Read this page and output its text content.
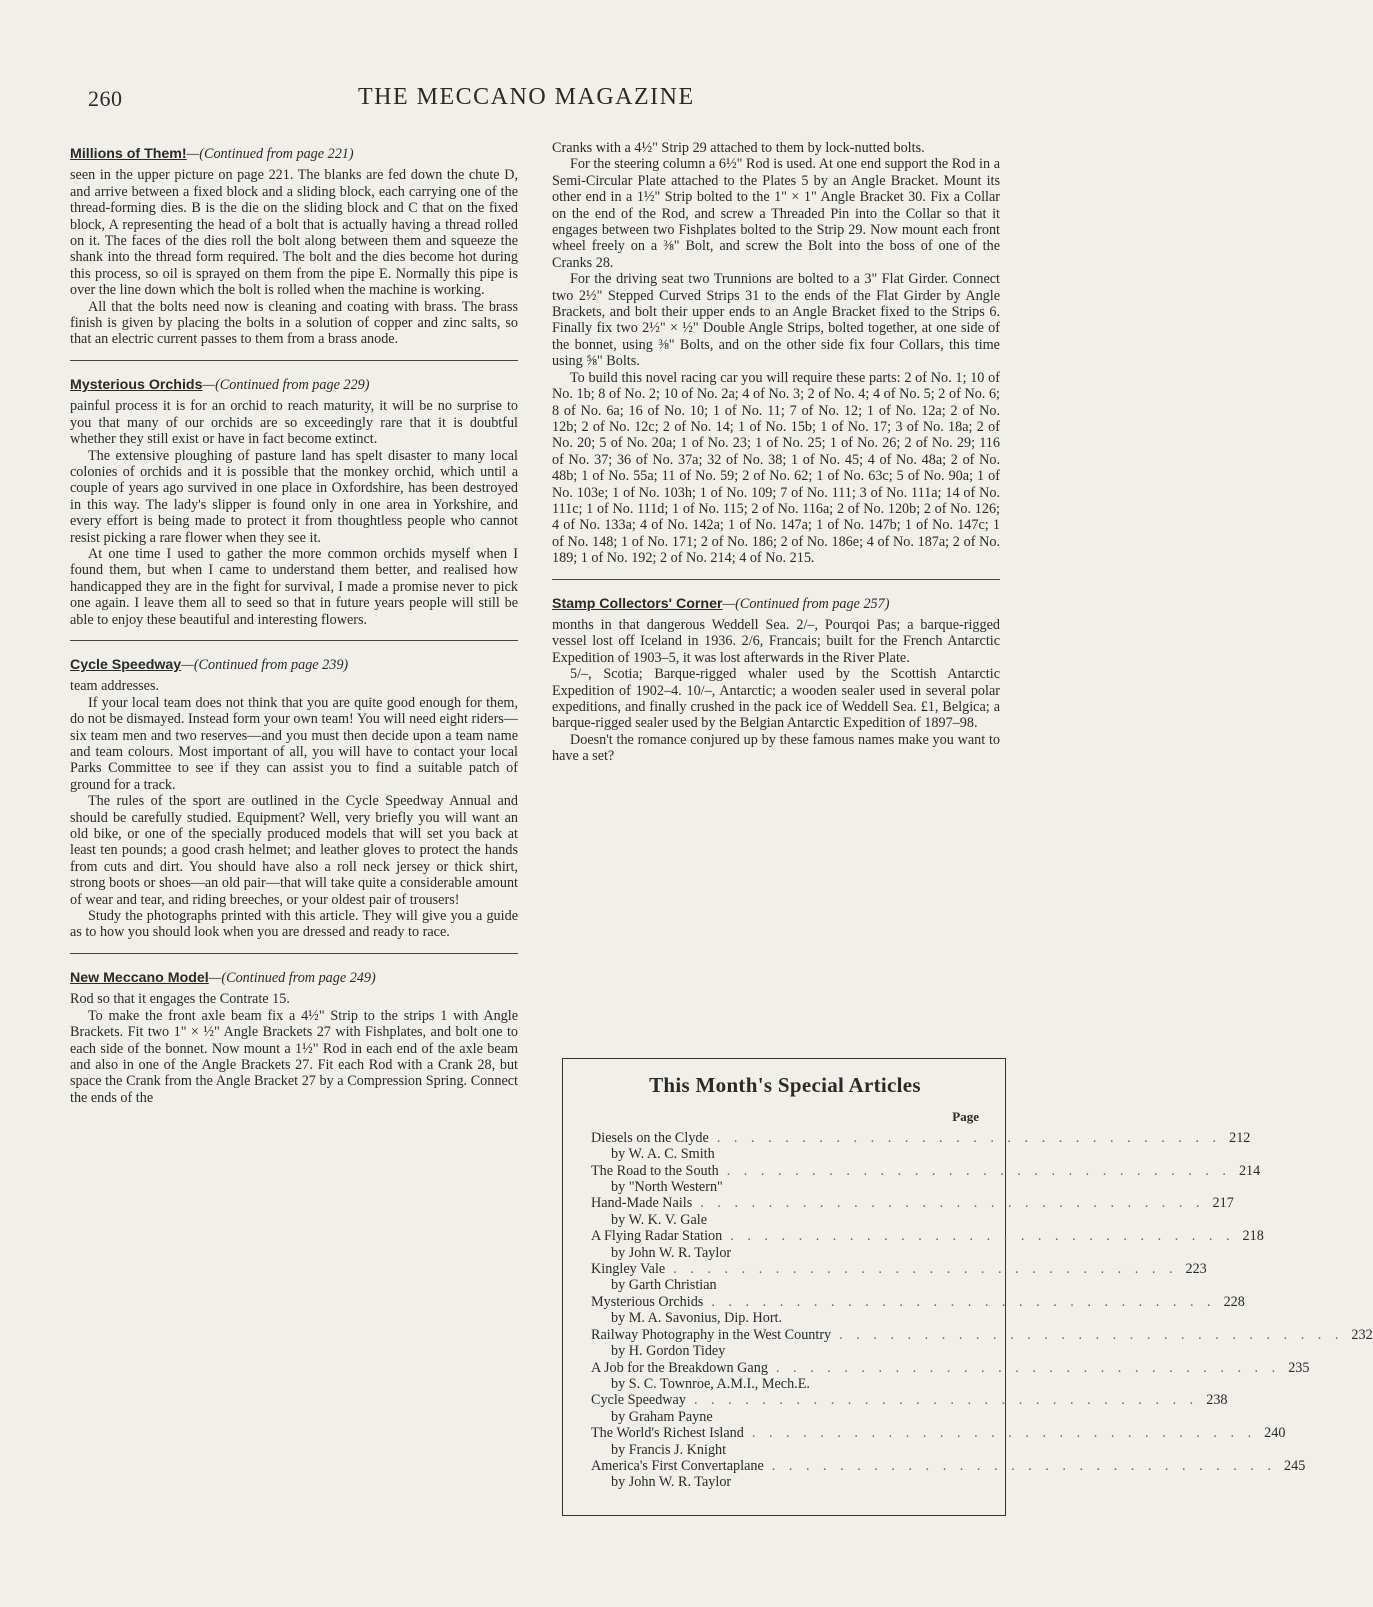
260	THE MECCANO MAGAZINE
Millions of Them!—(Continued from page 221)

seen in the upper picture on page 221. The blanks are fed down the chute D, and arrive between a fixed block and a sliding block, each carrying one of the thread-forming dies. B is the die on the sliding block and C that on the fixed block, A representing the head of a bolt that is actually having a thread rolled on it. The faces of the dies roll the bolt along between them and squeeze the shank into the thread form required. The bolt and the dies become hot during this process, so oil is sprayed on them from the pipe E. Normally this pipe is over the line down which the bolt is rolled when the machine is working.

All that the bolts need now is cleaning and coating with brass. The brass finish is given by placing the bolts in a solution of copper and zinc salts, so that an electric current passes to them from a brass anode.

Mysterious Orchids—(Continued from page 229)

painful process it is for an orchid to reach maturity, it will be no surprise to you that many of our orchids are so exceedingly rare that it is doubtful whether they still exist or have in fact become extinct.

The extensive ploughing of pasture land has spelt disaster to many local colonies of orchids and it is possible that the monkey orchid, which until a couple of years ago survived in one place in Oxfordshire, has been destroyed in this way. The lady's slipper is found only in one area in Yorkshire, and every effort is being made to protect it from thoughtless people who cannot resist picking a rare flower when they see it.

At one time I used to gather the more common orchids myself when I found them, but when I came to understand them better, and realised how handicapped they are in the fight for survival, I made a promise never to pick one again. I leave them all to seed so that in future years people will still be able to enjoy these beautiful and interesting flowers.

Cycle Speedway—(Continued from page 239)

team addresses.

If your local team does not think that you are quite good enough for them, do not be dismayed. Instead form your own team! You will need eight riders—six team men and two reserves—and you must then decide upon a team name and team colours. Most important of all, you will have to contact your local Parks Committee to see if they can assist you to find a suitable patch of ground for a track.

The rules of the sport are outlined in the Cycle Speedway Annual and should be carefully studied. Equipment? Well, very briefly you will want an old bike, or one of the specially produced models that will set you back at least ten pounds; a good crash helmet; and leather gloves to protect the hands from cuts and dirt. You should have also a roll neck jersey or thick shirt, strong boots or shoes—an old pair—that will take quite a considerable amount of wear and tear, and riding breeches, or your oldest pair of trousers!

Study the photographs printed with this article. They will give you a guide as to how you should look when you are dressed and ready to race.

New Meccano Model—(Continued from page 249)

Rod so that it engages the Contrate 15.

To make the front axle beam fix a 4½" Strip to the strips 1 with Angle Brackets. Fit two 1" × ½" Angle Brackets 27 with Fishplates, and bolt one to each side of the bonnet. Now mount a 1½" Rod in each end of the axle beam and also in one of the Angle Brackets 27. Fit each Rod with a Crank 28, but space the Crank from the Angle Bracket 27 by a Compression Spring. Connect the ends of the

Cranks with a 4½" Strip 29 attached to them by lock-nutted bolts.

For the steering column a 6½" Rod is used. At one end support the Rod in a Semi-Circular Plate attached to the Plates 5 by an Angle Bracket. Mount its other end in a 1½" Strip bolted to the 1" × 1" Angle Bracket 30. Fix a Collar on the end of the Rod, and screw a Threaded Pin into the Collar so that it engages between two Fishplates bolted to the Strip 29. Now mount each front wheel freely on a ⅜" Bolt, and screw the Bolt into the boss of one of the Cranks 28.

For the driving seat two Trunnions are bolted to a 3" Flat Girder. Connect two 2½" Stepped Curved Strips 31 to the ends of the Flat Girder by Angle Brackets, and bolt their upper ends to an Angle Bracket fixed to the Strips 6. Finally fix two 2½" × ½" Double Angle Strips, bolted together, at one side of the bonnet, using ⅜" Bolts, and on the other side fix four Collars, this time using ⅝" Bolts.

To build this novel racing car you will require these parts: 2 of No. 1; 10 of No. 1b; 8 of No. 2; 10 of No. 2a; 4 of No. 3; 2 of No. 4; 4 of No. 5; 2 of No. 6; 8 of No. 6a; 16 of No. 10; 1 of No. 11; 7 of No. 12; 1 of No. 12a; 2 of No. 12b; 2 of No. 12c; 2 of No. 14; 1 of No. 15b; 1 of No. 17; 3 of No. 18a; 2 of No. 20; 5 of No. 20a; 1 of No. 23; 1 of No. 25; 1 of No. 26; 2 of No. 29; 116 of No. 37; 36 of No. 37a; 32 of No. 38; 1 of No. 45; 4 of No. 48a; 2 of No. 48b; 1 of No. 55a; 11 of No. 59; 2 of No. 62; 1 of No. 63c; 5 of No. 90a; 1 of No. 103e; 1 of No. 103h; 1 of No. 109; 7 of No. 111; 3 of No. 111a; 14 of No. 111c; 1 of No. 111d; 1 of No. 115; 2 of No. 116a; 2 of No. 120b; 2 of No. 126; 4 of No. 133a; 4 of No. 142a; 1 of No. 147a; 1 of No. 147b; 1 of No. 147c; 1 of No. 148; 1 of No. 171; 2 of No. 186; 2 of No. 186e; 4 of No. 187a; 2 of No. 189; 1 of No. 192; 2 of No. 214; 4 of No. 215.

Stamp Collectors' Corner—(Continued from page 257)

months in that dangerous Weddell Sea. 2/–, Pourqoi Pas; a barque-rigged vessel lost off Iceland in 1936. 2/6, Francais; built for the French Antarctic Expedition of 1903–5, it was lost afterwards in the River Plate.

5/–, Scotia; Barque-rigged whaler used by the Scottish Antarctic Expedition of 1902–4. 10/–, Antarctic; a wooden sealer used in several polar expeditions, and finally crushed in the pack ice of Weddell Sea. £1, Belgica; a barque-rigged sealer used by the Belgian Antarctic Expedition of 1897–98.

Doesn't the romance conjured up by these famous names make you want to have a set?

This Month's Special Articles
Page
Diesels on the Clyde . . . . . . . . . . . . . . . . . . . . . . . . . . . . . . 212
by W. A. C. Smith
The Road to the South . . . . . . . . . . . . . . . . . . . . . . . . . . . . . . 214
by "North Western"
Hand-Made Nails . . . . . . . . . . . . . . . . . . . . . . . . . . . . . . 217
by W. K. V. Gale
A Flying Radar Station . . . . . . . . . . . . . . . . . . . . . . . . . . . . . . 218
by John W. R. Taylor
Kingley Vale . . . . . . . . . . . . . . . . . . . . . . . . . . . . . . 223
by Garth Christian
Mysterious Orchids . . . . . . . . . . . . . . . . . . . . . . . . . . . . . . 228
by M. A. Savonius, Dip. Hort.
Railway Photography in the West Country . . . . . . . . . . . . . . . . . . . . . . . . . . . . . . 232
by H. Gordon Tidey
A Job for the Breakdown Gang . . . . . . . . . . . . . . . . . . . . . . . . . . . . . . 235
by S. C. Townroe, A.M.I., Mech.E.
Cycle Speedway . . . . . . . . . . . . . . . . . . . . . . . . . . . . . . 238
by Graham Payne
The World's Richest Island . . . . . . . . . . . . . . . . . . . . . . . . . . . . . . 240
by Francis J. Knight
America's First Convertaplane . . . . . . . . . . . . . . . . . . . . . . . . . . . . . . 245
by John W. R. Taylor
